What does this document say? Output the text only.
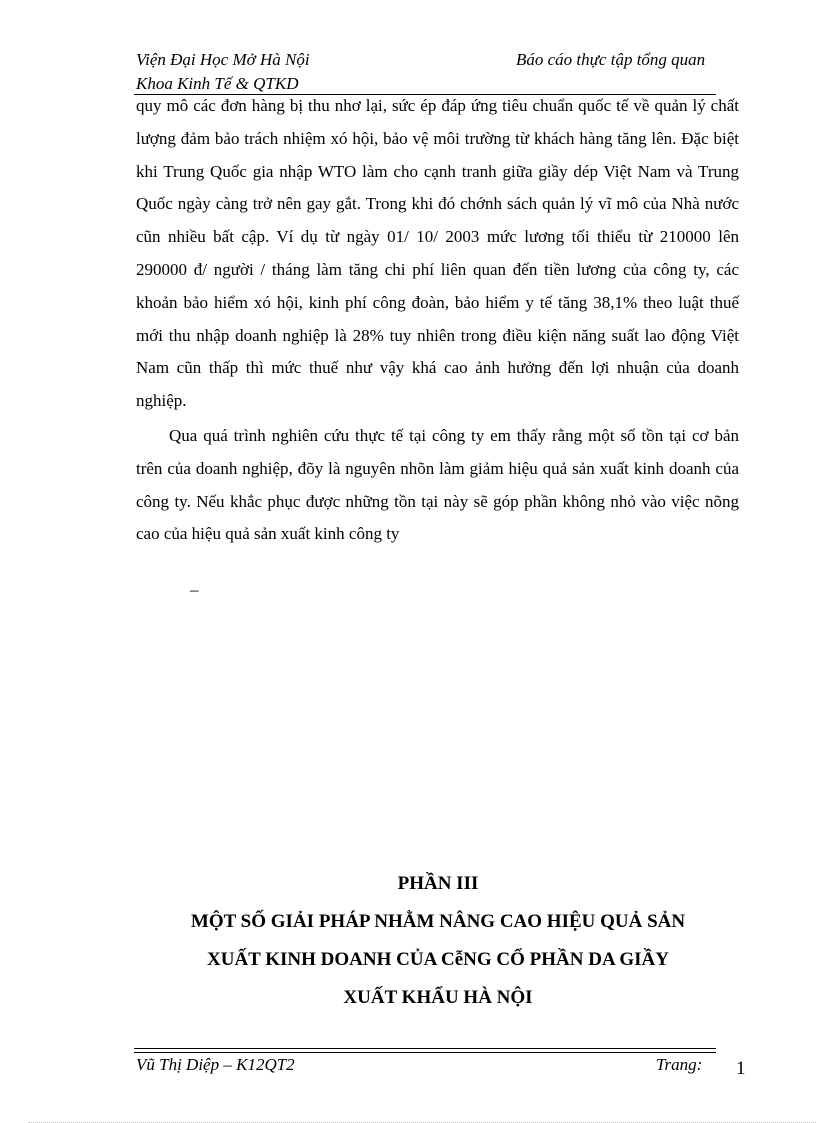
Viện Đại Học Mở Hà Nội
Khoa Kinh Tế & QTKD
Báo cáo thực tập tổng quan

quy mô các đơn hàng bị thu nhơ lại, sức ép đáp ứng tiêu chuẩn quốc tế về quản lý chất lượng đảm bảo trách nhiệm xó hội, bảo vệ môi trường từ khách hàng tăng lên. Đặc biệt khi Trung Quốc gia nhập WTO làm cho cạnh tranh giữa giầy dép Việt Nam và Trung Quốc ngày càng trở nên gay gắt. Trong khi đó chớnh sách quản lý vĩ mô của Nhà nước cũn nhiều bất cập. Ví dụ từ ngày 01/ 10/ 2003 mức lương tối thiểu từ 210000 lên 290000 đ/ người / tháng làm tăng chi phí liên quan đến tiền lương của công ty, các khoản bảo hiểm xó hội, kinh phí công đoàn, bảo hiểm y tế tăng 38,1% theo luật thuế mới thu nhập doanh nghiệp là 28% tuy nhiên trong điều kiện năng suất lao động Việt Nam cũn thấp thì mức thuế như vậy khá cao ảnh hưởng đến lợi nhuận của doanh nghiệp.

Qua quá trình nghiên cứu thực tế tại công ty em thấy rằng một số tồn tại cơ bản trên của doanh nghiệp, đõy là nguyên nhõn làm giảm hiệu quả sản xuất kinh doanh của công ty. Nếu khắc phục được những tồn tại này sẽ góp phần không nhỏ vào việc nõng cao của hiệu quả sản xuất kinh công ty

–
PHẦN III
MỘT SỐ GIẢI PHÁP NHẰM NÂNG CAO HIỆU QUẢ SẢN
XUẤT KINH DOANH CỦA CễNG CỔ PHẦN DA GIẦY
XUẤT KHẨU HÀ NỘI
Vũ Thị Diệp – K12QT2	Trang: 1
